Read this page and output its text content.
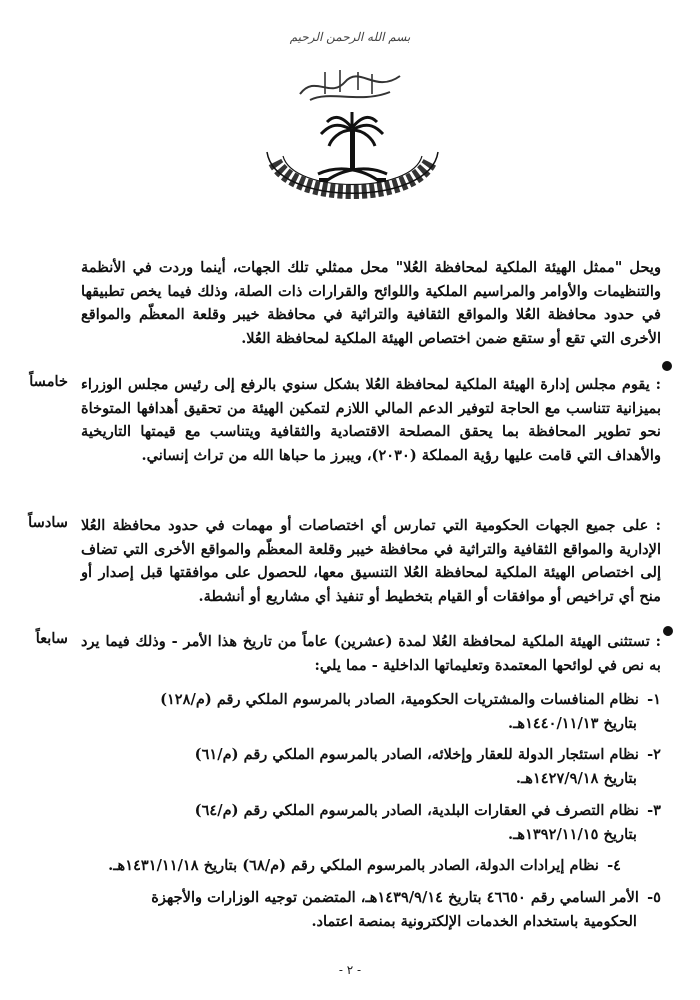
بسم الله الرحمن الرحيم
ويحل "ممثل الهيئة الملكية لمحافظة العُلا" محل ممثلي تلك الجهات، أينما وردت في الأنظمة والتنظيمات والأوامر والمراسيم الملكية واللوائح والقرارات ذات الصلة، وذلك فيما يخص تطبيقها في حدود محافظة العُلا والمواقع الثقافية والتراثية في محافظة خيبر وقلعة المعظّم والمواقع الأخرى التي تقع أو ستقع ضمن اختصاص الهيئة الملكية لمحافظة العُلا.
خامساً : يقوم مجلس إدارة الهيئة الملكية لمحافظة العُلا بشكل سنوي بالرفع إلى رئيس مجلس الوزراء بميزانية تتناسب مع الحاجة لتوفير الدعم المالي اللازم لتمكين الهيئة من تحقيق أهدافها المتوخاة نحو تطوير المحافظة بما يحقق المصلحة الاقتصادية والثقافية ويتناسب مع قيمتها التاريخية والأهداف التي قامت عليها رؤية المملكة (٢٠٣٠)، ويبرز ما حباها الله من تراث إنساني.
سادساً : على جميع الجهات الحكومية التي تمارس أي اختصاصات أو مهمات في حدود محافظة العُلا الإدارية والمواقع الثقافية والتراثية في محافظة خيبر وقلعة المعظّم والمواقع الأخرى التي تضاف إلى اختصاص الهيئة الملكية لمحافظة العُلا التنسيق معها، للحصول على موافقتها قبل إصدار أو منح أي تراخيص أو موافقات أو القيام بتخطيط أو تنفيذ أي مشاريع أو أنشطة.
سابعاً : تستثنى الهيئة الملكية لمحافظة العُلا لمدة (عشرين) عاماً من تاريخ هذا الأمر - وذلك فيما يرد به نص في لوائحها المعتمدة وتعليماتها الداخلية - مما يلي:
١-نظام المنافسات والمشتريات الحكومية، الصادر بالمرسوم الملكي رقم (م/١٢٨)
بتاريخ ١٤٤٠/١١/١٣هـ.
٢-نظام استئجار الدولة للعقار وإخلائه، الصادر بالمرسوم الملكي رقم (م/٦١)
بتاريخ ١٤٢٧/٩/١٨هـ.
٣-نظام التصرف في العقارات البلدية، الصادر بالمرسوم الملكي رقم (م/٦٤)
بتاريخ ١٣٩٢/١١/١٥هـ.
٤-نظام إيرادات الدولة، الصادر بالمرسوم الملكي رقم (م/٦٨) بتاريخ ١٤٣١/١١/١٨هـ.
٥-الأمر السامي رقم ٤٦٦٥٠ بتاريخ ١٤٣٩/٩/١٤هـ، المتضمن توجيه الوزارات والأجهزة
الحكومية باستخدام الخدمات الإلكترونية بمنصة اعتماد.
- ٢ -
